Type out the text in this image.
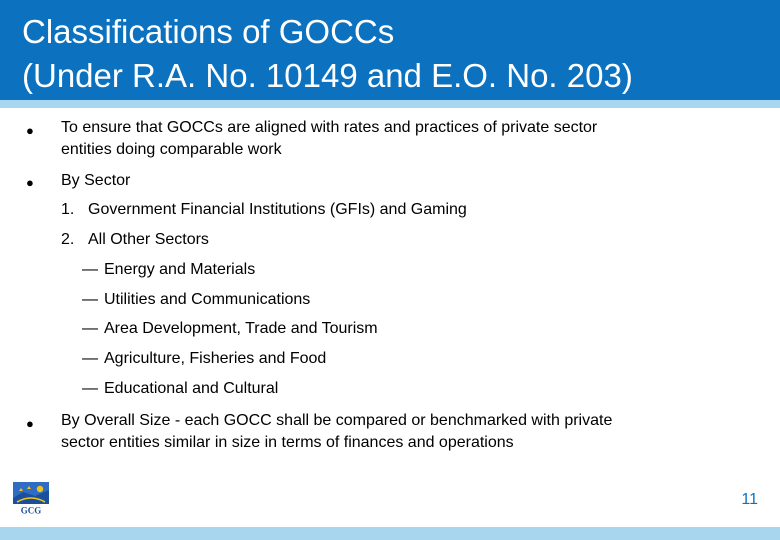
Classifications of GOCCs
(Under R.A. No. 10149 and E.O. No. 203)
● To ensure that GOCCs are aligned with rates and practices of private sector
entities doing comparable work
● By Sector
1. Government Financial Institutions (GFIs) and Gaming
2. All Other Sectors
— Energy and Materials
— Utilities and Communications
— Area Development, Trade and Tourism
— Agriculture, Fisheries and Food
— Educational and Cultural
● By Overall Size - each GOCC shall be compared or benchmarked with private
sector entities similar in size in terms of finances and operations
GCG
11
